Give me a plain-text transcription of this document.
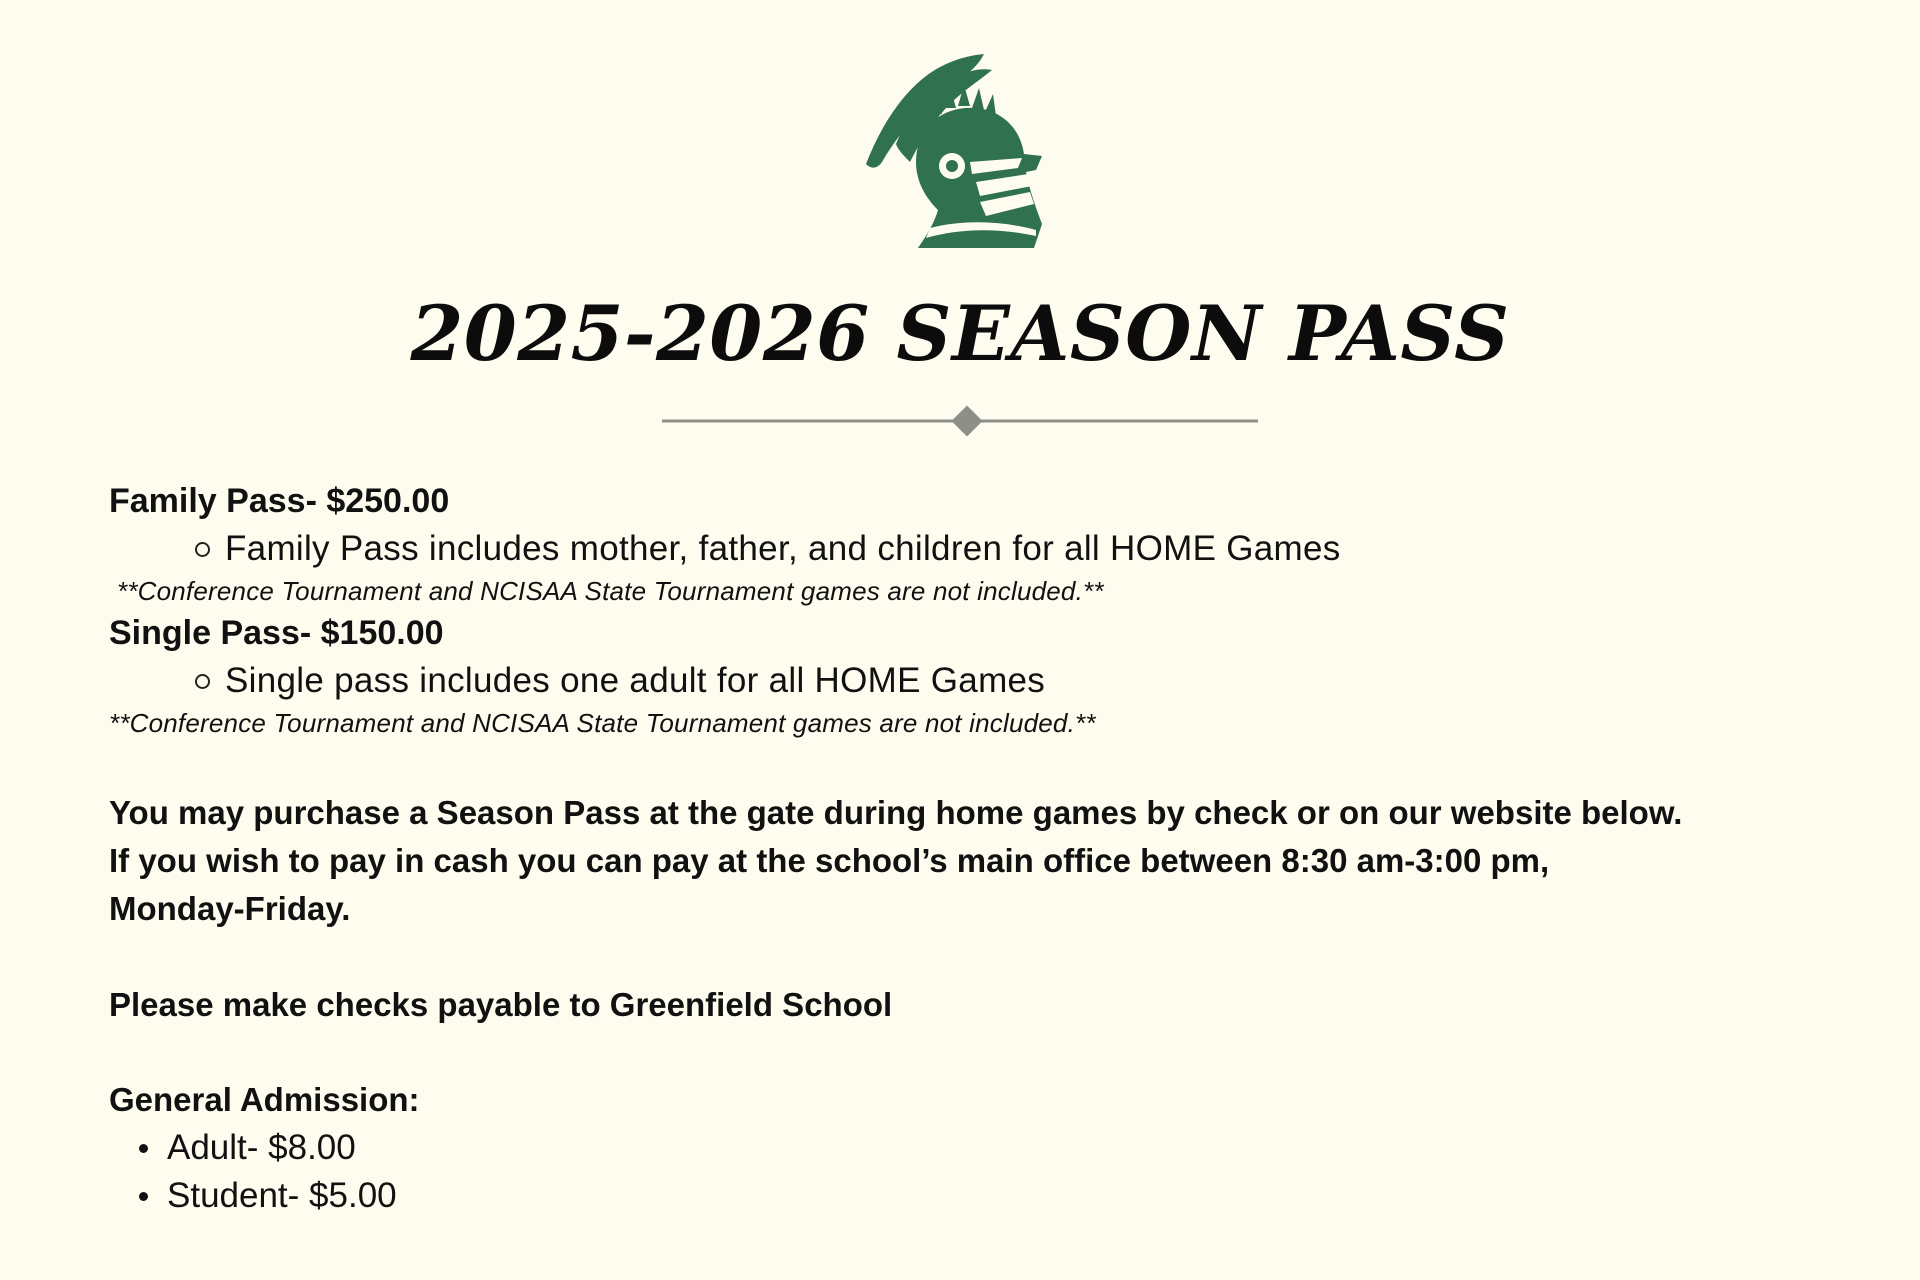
2025-2026 SEASON PASS

Family Pass- $250.00

Family Pass includes mother, father, and children for all HOME Games

**Conference Tournament and NCISAA State Tournament games are not included.**

Single Pass- $150.00

Single pass includes one adult for all HOME Games

**Conference Tournament and NCISAA State Tournament games are not included.**

You may purchase a Season Pass at the gate during home games by check or on our website below.

If you wish to pay in cash you can pay at the school’s main office between 8:30 am-3:00 pm,

Monday-Friday.

Please make checks payable to Greenfield School

General Admission:

Adult- $8.00
Student- $5.00
